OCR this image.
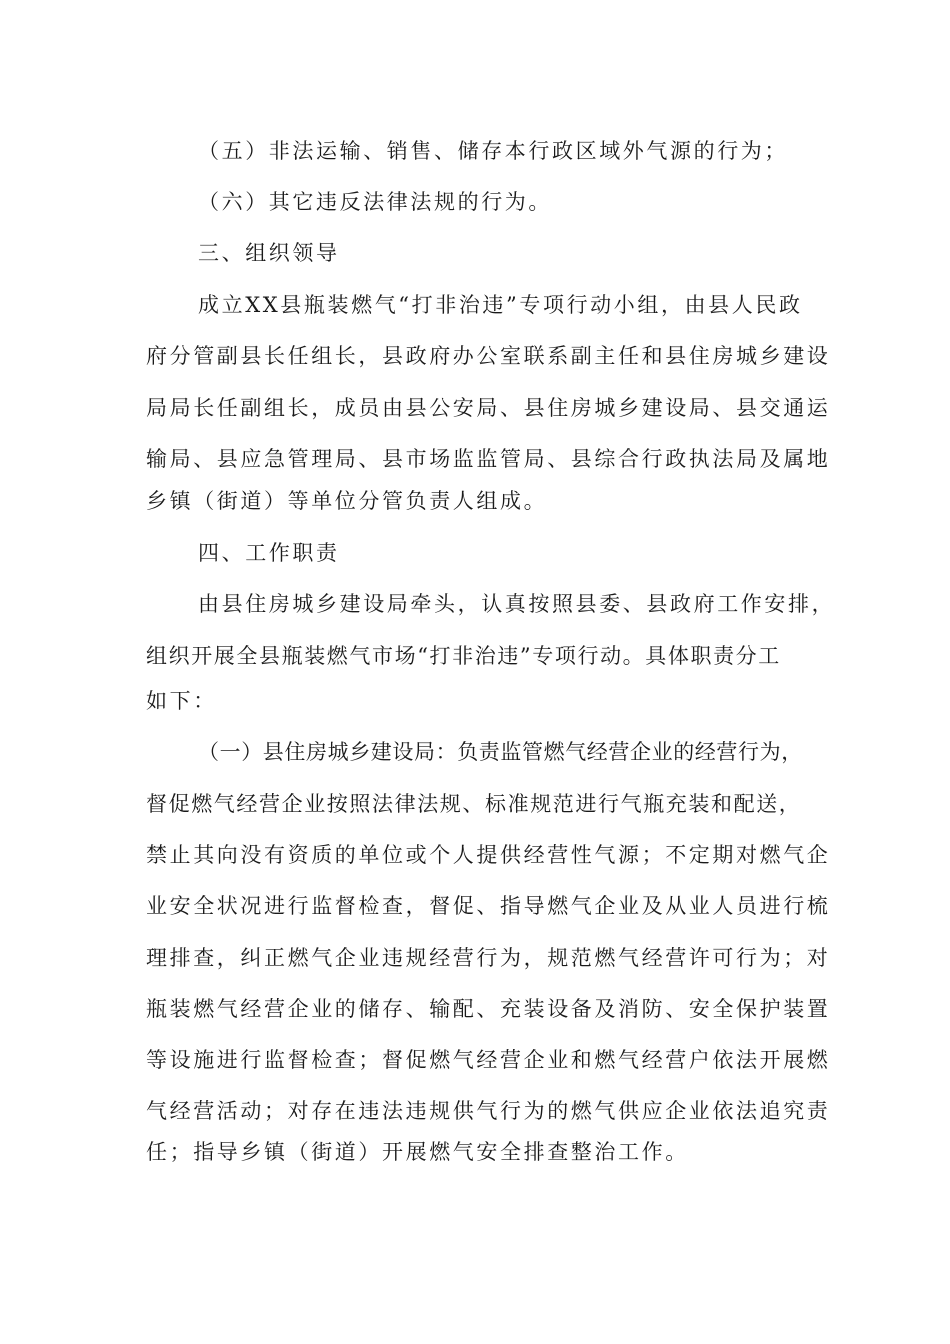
（五）非法运输、销售、储存本行政区域外气源的行为；
（六）其它违反法律法规的行为。
三、组织领导
成立XX县瓶装燃气“打非治违”专项行动小组，由县人民政
府分管副县长任组长，县政府办公室联系副主任和县住房城乡建设
局局长任副组长，成员由县公安局、县住房城乡建设局、县交通运
输局、县应急管理局、县市场监监管局、县综合行政执法局及属地
乡镇（街道）等单位分管负责人组成。
四、工作职责
由县住房城乡建设局牵头，认真按照县委、县政府工作安排，
组织开展全县瓶装燃气市场“打非治违”专项行动。具体职责分工
如下：
（一）县住房城乡建设局：负责监管燃气经营企业的经营行为，
督促燃气经营企业按照法律法规、标准规范进行气瓶充装和配送，
禁止其向没有资质的单位或个人提供经营性气源；不定期对燃气企
业安全状况进行监督检查，督促、指导燃气企业及从业人员进行梳
理排查，纠正燃气企业违规经营行为，规范燃气经营许可行为；对
瓶装燃气经营企业的储存、输配、充装设备及消防、安全保护装置
等设施进行监督检查；督促燃气经营企业和燃气经营户依法开展燃
气经营活动；对存在违法违规供气行为的燃气供应企业依法追究责
任；指导乡镇（街道）开展燃气安全排查整治工作。
